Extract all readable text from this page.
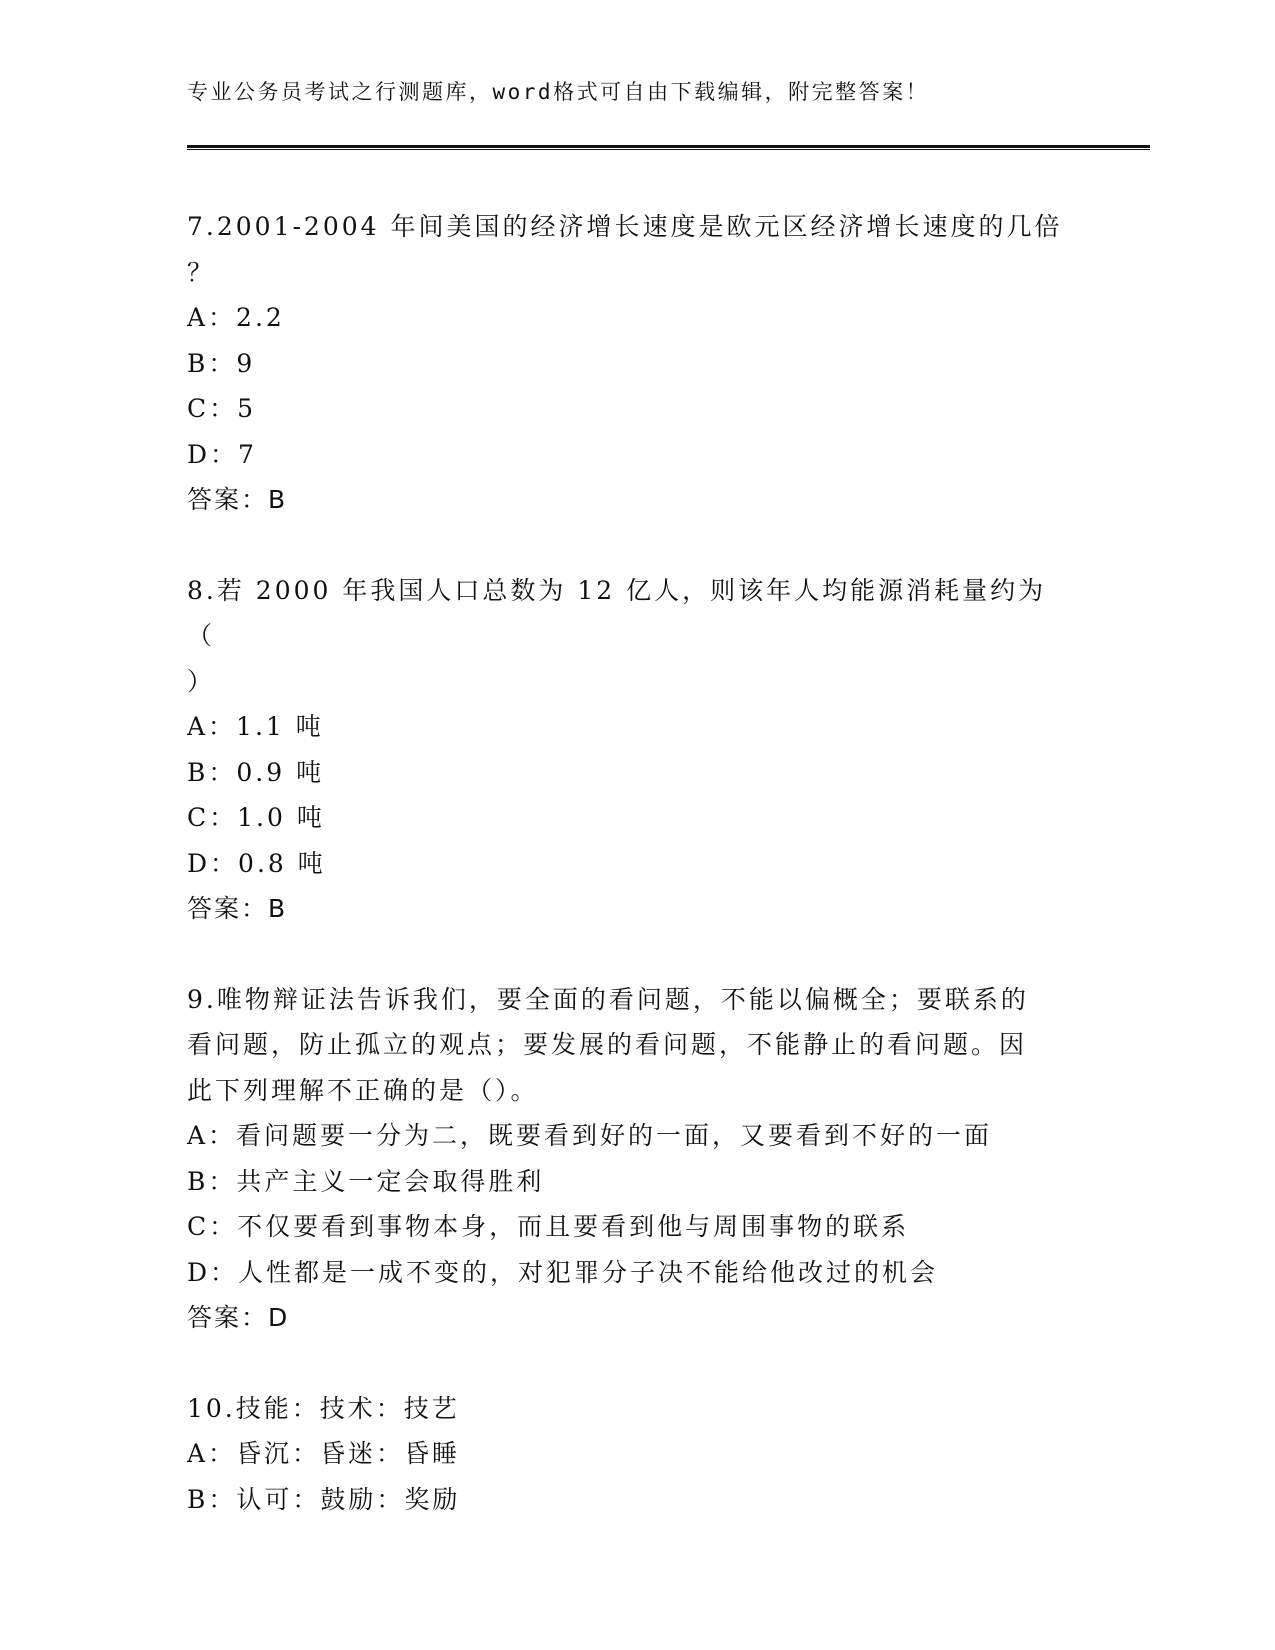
专业公务员考试之行测题库，word格式可自由下载编辑，附完整答案！
7.2001-2004 年间美国的经济增长速度是欧元区经济增长速度的几倍
？
A：2.2
B：9
C：5
D：7
答案：B
8.若 2000 年我国人口总数为 12 亿人，则该年人均能源消耗量约为（
）
A：1.1 吨
B：0.9 吨
C：1.0 吨
D：0.8 吨
答案：B
9.唯物辩证法告诉我们，要全面的看问题，不能以偏概全；要联系的
看问题，防止孤立的观点；要发展的看问题，不能静止的看问题。因
此下列理解不正确的是（）。
A：看问题要一分为二，既要看到好的一面，又要看到不好的一面
B：共产主义一定会取得胜利
C：不仅要看到事物本身，而且要看到他与周围事物的联系
D：人性都是一成不变的，对犯罪分子决不能给他改过的机会
答案：D
10.技能：技术：技艺
A：昏沉：昏迷：昏睡
B：认可：鼓励：奖励
